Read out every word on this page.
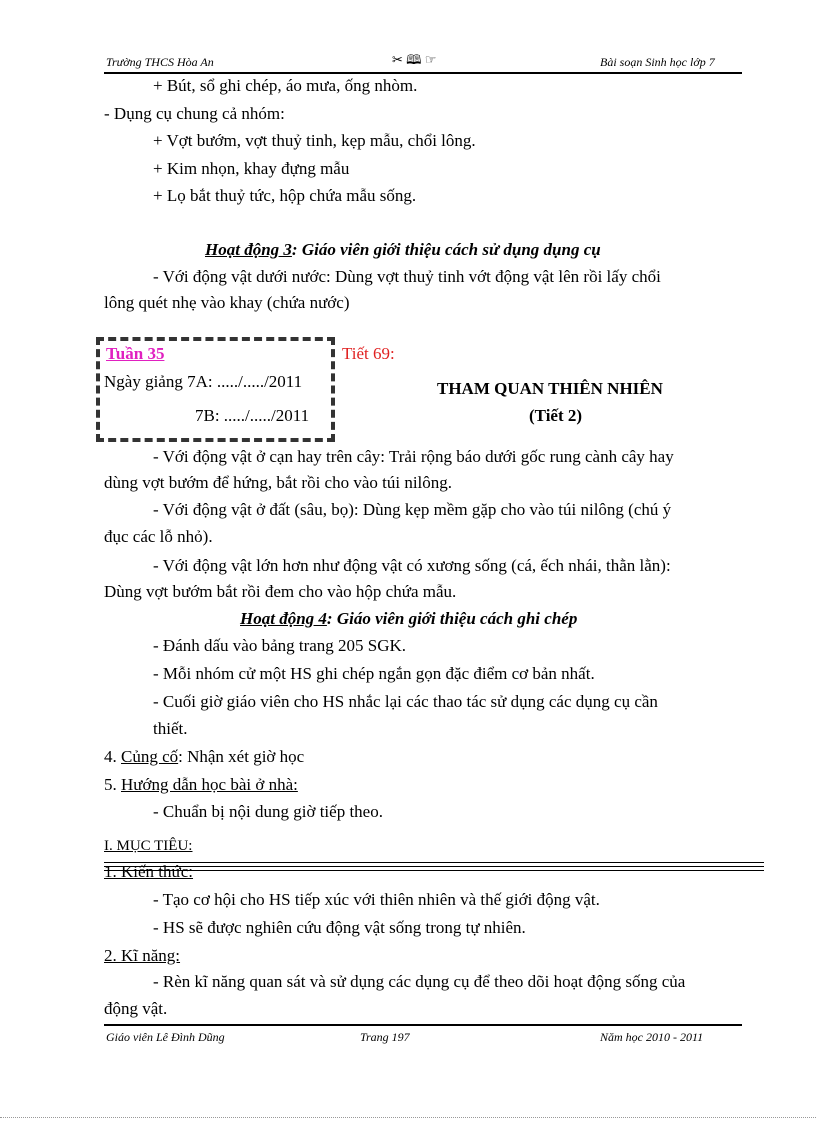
Trường THCS Hòa An	✂ 🕮 ☞	Bài soạn Sinh học lớp 7
+ Bút, sổ ghi chép, áo mưa, ống nhòm.
- Dụng cụ chung cả nhóm:
+ Vợt bướm, vợt thuỷ tinh, kẹp mẫu, chổi lông.
+ Kim nhọn, khay đựng mẫu
+ Lọ bắt thuỷ tức, hộp chứa mẫu sống.
Hoạt động 3: Giáo viên giới thiệu cách sử dụng dụng cụ
- Với động vật dưới nước: Dùng vợt thuỷ tinh vớt động vật lên rồi lấy chổi
lông quét nhẹ vào khay (chứa nước)
Tuần 35
Ngày giảng 7A: ...../...../2011
7B: ...../...../2011
Tiết 69:
THAM QUAN THIÊN NHIÊN
(Tiết 2)
- Với động vật ở cạn hay trên cây: Trải rộng báo dưới gốc rung cành cây hay
dùng vợt bướm để hứng, bắt rồi cho vào túi nilông.
- Với động vật ở đất (sâu, bọ): Dùng kẹp mềm gặp cho vào túi nilông (chú ý
đục các lỗ nhỏ).
- Với động vật lớn hơn như động vật có xương sống (cá, ếch nhái, thằn lằn):
Dùng vợt bướm bắt rồi đem cho vào hộp chứa mẫu.
Hoạt động 4: Giáo viên giới thiệu cách ghi chép
- Đánh dấu vào bảng trang 205 SGK.
- Mỗi nhóm cử một HS ghi chép ngắn gọn đặc điểm cơ bản nhất.
- Cuối giờ giáo viên cho HS nhắc lại các thao tác sử dụng các dụng cụ cần
thiết.
4. Củng cố: Nhận xét giờ học
5. Hướng dẫn học bài ở nhà:
- Chuẩn bị nội dung giờ tiếp theo.
I. MỤC TIÊU:
1. Kiến thức:
- Tạo cơ hội cho HS tiếp xúc với thiên nhiên và thế giới động vật.
- HS sẽ được nghiên cứu động vật sống trong tự nhiên.
2. Kĩ năng:
- Rèn kĩ năng quan sát và sử dụng các dụng cụ để theo dõi hoạt động sống của
động vật.
Giáo viên Lê Đình Dũng	Trang 197	Năm học 2010 - 2011
